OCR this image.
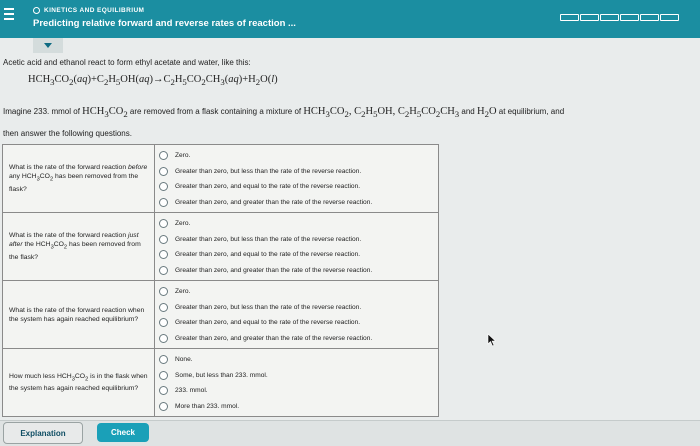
KINETICS AND EQUILIBRIUM
Predicting relative forward and reverse rates of reaction ...
Acetic acid and ethanol react to form ethyl acetate and water, like this:
$HCH_3CO_2(aq)+C_2H_5OH(aq)\to C_2H_5CO_2CH_3(aq)+H_2O(l)$
Imagine 233. mmol of $HCH_3CO_2$ are removed from a flask containing a mixture of $HCH_3CO_2$, $C_2H_5OH$, $C_2H_5CO_2CH_3$ and $H_2O$ at equilibrium, and
then answer the following questions.
What is the rate of the forward reaction before any $HCH_3CO_2$ has been removed from the flask?	Zero.
Greater than zero, but less than the rate of the reverse reaction.
Greater than zero, and equal to the rate of the reverse reaction.
Greater than zero, and greater than the rate of the reverse reaction.

What is the rate of the forward reaction just after the $HCH_3CO_2$ has been removed from the flask?	Zero.
Greater than zero, but less than the rate of the reverse reaction.
Greater than zero, and equal to the rate of the reverse reaction.
Greater than zero, and greater than the rate of the reverse reaction.

What is the rate of the forward reaction when the system has again reached equilibrium?	Zero.
Greater than zero, but less than the rate of the reverse reaction.
Greater than zero, and equal to the rate of the reverse reaction.
Greater than zero, and greater than the rate of the reverse reaction.

How much less $HCH_3CO_2$ is in the flask when the system has again reached equilibrium?	None.
Some, but less than 233. mmol.
233. mmol.
More than 233. mmol.
Explanation	Check
